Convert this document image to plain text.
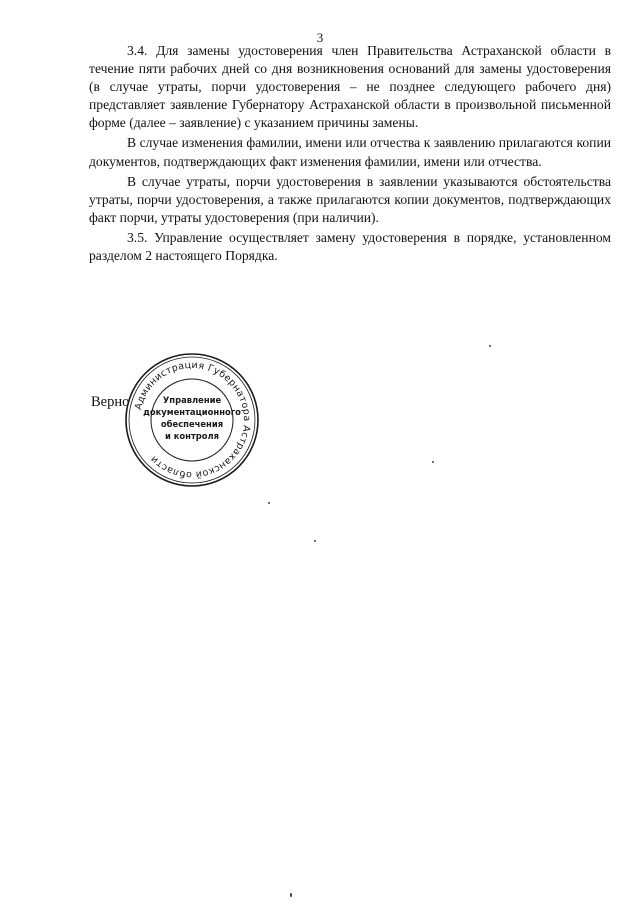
3

3.4. Для замены удостоверения член Правительства Астраханской области в течение пяти рабочих дней со дня возникновения оснований для замены удостоверения (в случае утраты, порчи удостоверения – не позднее следующего рабочего дня) представляет заявление Губернатору Астраханской области в произвольной письменной форме (далее – заявление) с указанием причины замены.

В случае изменения фамилии, имени или отчества к заявлению прилагаются копии документов, подтверждающих факт изменения фамилии, имени или отчества.

В случае утраты, порчи удостоверения в заявлении указываются обстоятельства утраты, порчи удостоверения, а также прилагаются копии документов, подтверждающих факт порчи, утраты удостоверения (при наличии).

3.5. Управление осуществляет замену удостоверения в порядке, установленном разделом 2 настоящего Порядка.

Верно Администрация Губернатора Астраханской области
Управление
документационного
обеспечения
и контроля
